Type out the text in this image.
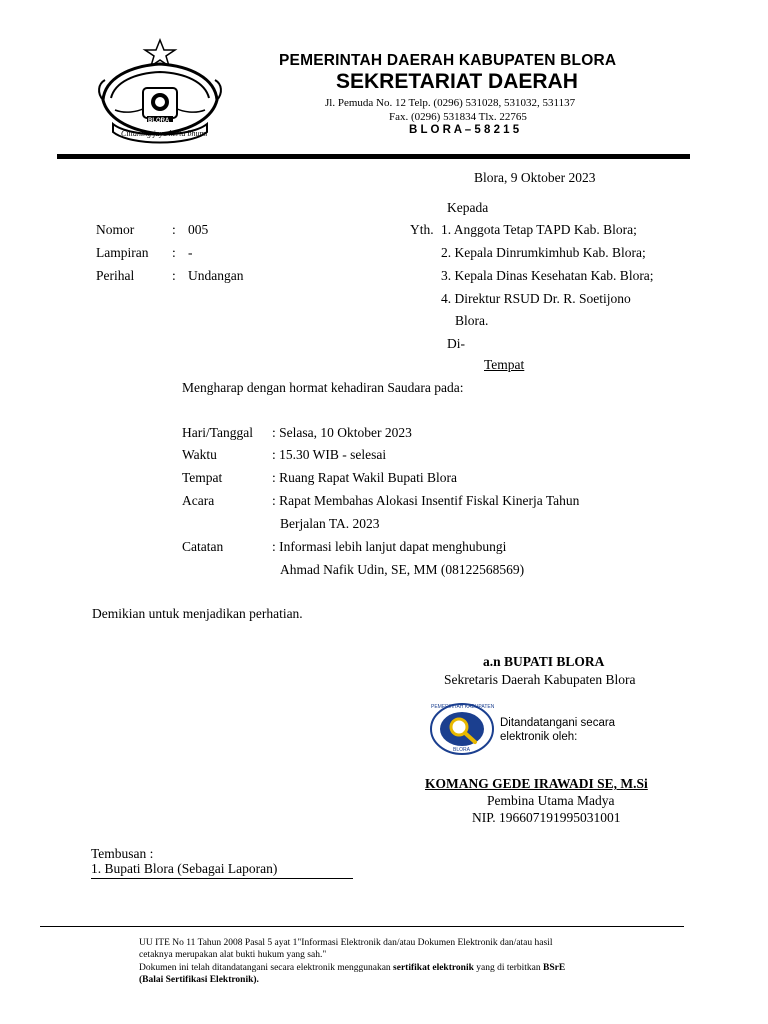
Cittaning jaya kerta bhumi
BLORA
PEMERINTAH DAERAH KABUPATEN BLORA
SEKRETARIAT DAERAH
Jl. Pemuda No. 12 Telp. (0296) 531028, 531032, 531137
Fax. (0296) 531834 Tlx. 22765
B L O R A – 5 8 2 1 5
Blora, 9 Oktober 2023
Kepada
Yth. 1. Anggota Tetap TAPD Kab. Blora;
2. Kepala Dinrumkimhub Kab. Blora;
3. Kepala Dinas Kesehatan Kab. Blora;
4. Direktur RSUD Dr. R. Soetijono
Blora.
Di-
Tempat
Nomor	: 005
Lampiran : -
Perihal	: Undangan
Mengharap dengan hormat kehadiran Saudara pada:
Hari/Tanggal : Selasa, 10 Oktober 2023
Waktu	: 15.30 WIB - selesai
Tempat	: Ruang Rapat Wakil Bupati Blora
Acara	: Rapat Membahas Alokasi Insentif Fiskal Kinerja Tahun
Berjalan TA. 2023
Catatan	: Informasi lebih lanjut dapat menghubungi
Ahmad Nafik Udin, SE, MM (08122568569)
Demikian untuk menjadikan perhatian.
a.n BUPATI BLORA
Sekretaris Daerah Kabupaten Blora
PEMERINTAH KABUPATEN
BLORA
Ditandatangani secara
elektronik oleh:
KOMANG GEDE IRAWADI SE, M.Si
Pembina Utama Madya
NIP. 196607191995031001
Tembusan :
1. Bupati Blora (Sebagai Laporan)
UU ITE No 11 Tahun 2008 Pasal 5 ayat 1"Informasi Elektronik dan/atau Dokumen Elektronik dan/atau hasil
cetaknya merupakan alat bukti hukum yang sah."
Dokumen ini telah ditandatangani secara elektronik menggunakan sertifikat elektronik yang di terbitkan BSrE
(Balai Sertifikasi Elektronik).
